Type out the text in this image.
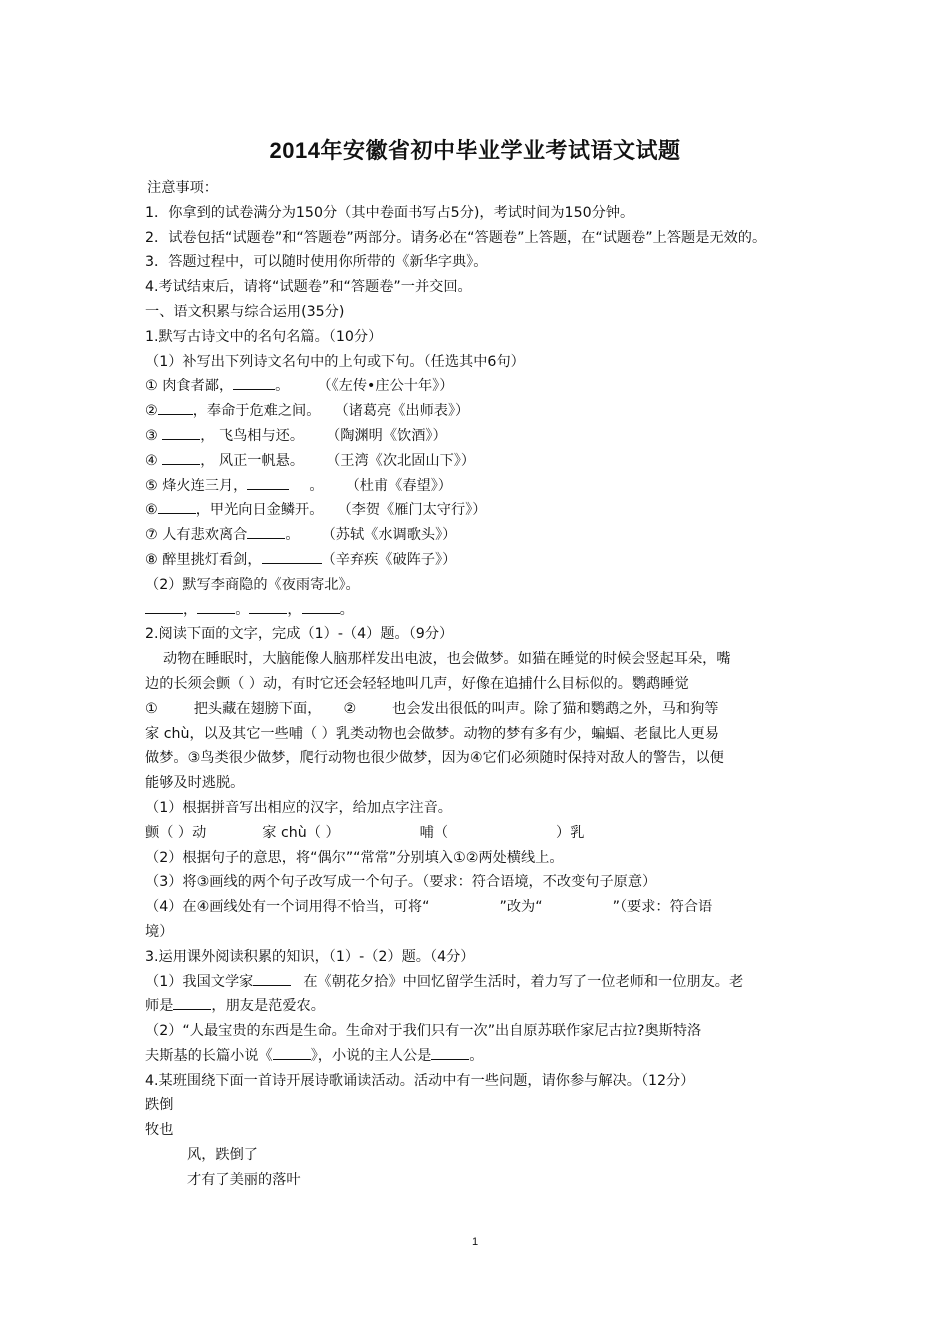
2014年安徽省初中毕业学业考试语文试题
注意事项：
1．你拿到的试卷满分为150分（其中卷面书写占5分)，考试时间为150分钟。
2．试卷包括“试题卷”和“答题卷”两部分。请务必在“答题卷”上答题，在“试题卷”上答题是无效的。
3．答题过程中，可以随时使用你所带的《新华字典》。
4.考试结束后，请将“试题卷”和“答题卷”一并交回。
一、语文积累与综合运用(35分)
1.默写古诗文中的名句名篇。（10分）
（1）补写出下列诗文名句中的上句或下句。（任选其中6句）
① 肉食者鄙，	。 （《左传•庄公十年》）
② ，奉命于危难之间。 （诸葛亮《出师表》）
③	， 飞鸟相与还。 （陶渊明《饮酒》）
④	， 风正一帆悬。 （王湾《次北固山下》）
⑤ 烽火连三月，	。 （杜甫《春望》）
⑥	，甲光向日金鳞开。 （李贺《雁门太守行》）
⑦ 人有悲欢离合	。 （苏轼《水调歌头》）
⑧ 醉里挑灯看剑，	（辛弃疾《破阵子》）
（2）默写李商隐的《夜雨寄北》。
，	。	，	。
2.阅读下面的文字，完成（1）-（4）题。（9分）
动物在睡眠时，大脑能像人脑那样发出电波，也会做梦。如猫在睡觉的时候会竖起耳朵，嘴
边的长须会颤（ ）动，有时它还会轻轻地叫几声，好像在追捕什么目标似的。鹦鹉睡觉
①	把头藏在翅膀下面， ②	也会发出很低的叫声。除了猫和鹦鹉之外，马和狗等
家 chù，以及其它一些哺（ ）乳类动物也会做梦。动物的梦有多有少，蝙蝠、老鼠比人更易
做梦。③鸟类很少做梦，爬行动物也很少做梦，因为④它们必须随时保持对敌人的警告，以便
能够及时逃脱。
（1）根据拼音写出相应的汉字，给加点字注音。
颤（ ）动	家 chù（ ）	哺（	）乳
（2）根据句子的意思，将“偶尔”“常常”分别填入①②两处横线上。
（3）将③画线的两个句子改写成一个句子。（要求：符合语境，不改变句子原意）
（4）在④画线处有一个词用得不恰当，可将“	”改为“	”（要求：符合语
境）
3.运用课外阅读积累的知识，（1）-（2）题。（4分）
（1）我国文学家	在《朝花夕拾》中回忆留学生活时，着力写了一位老师和一位朋友。老
师是	，朋友是范爱农。
（2）“人最宝贵的东西是生命。生命对于我们只有一次”出自原苏联作家尼古拉?奥斯特洛
夫斯基的长篇小说《	》，小说的主人公是	。
4.某班围绕下面一首诗开展诗歌诵读活动。活动中有一些问题，请你参与解决。（12分）
跌倒
牧也
风，跌倒了
才有了美丽的落叶
1
